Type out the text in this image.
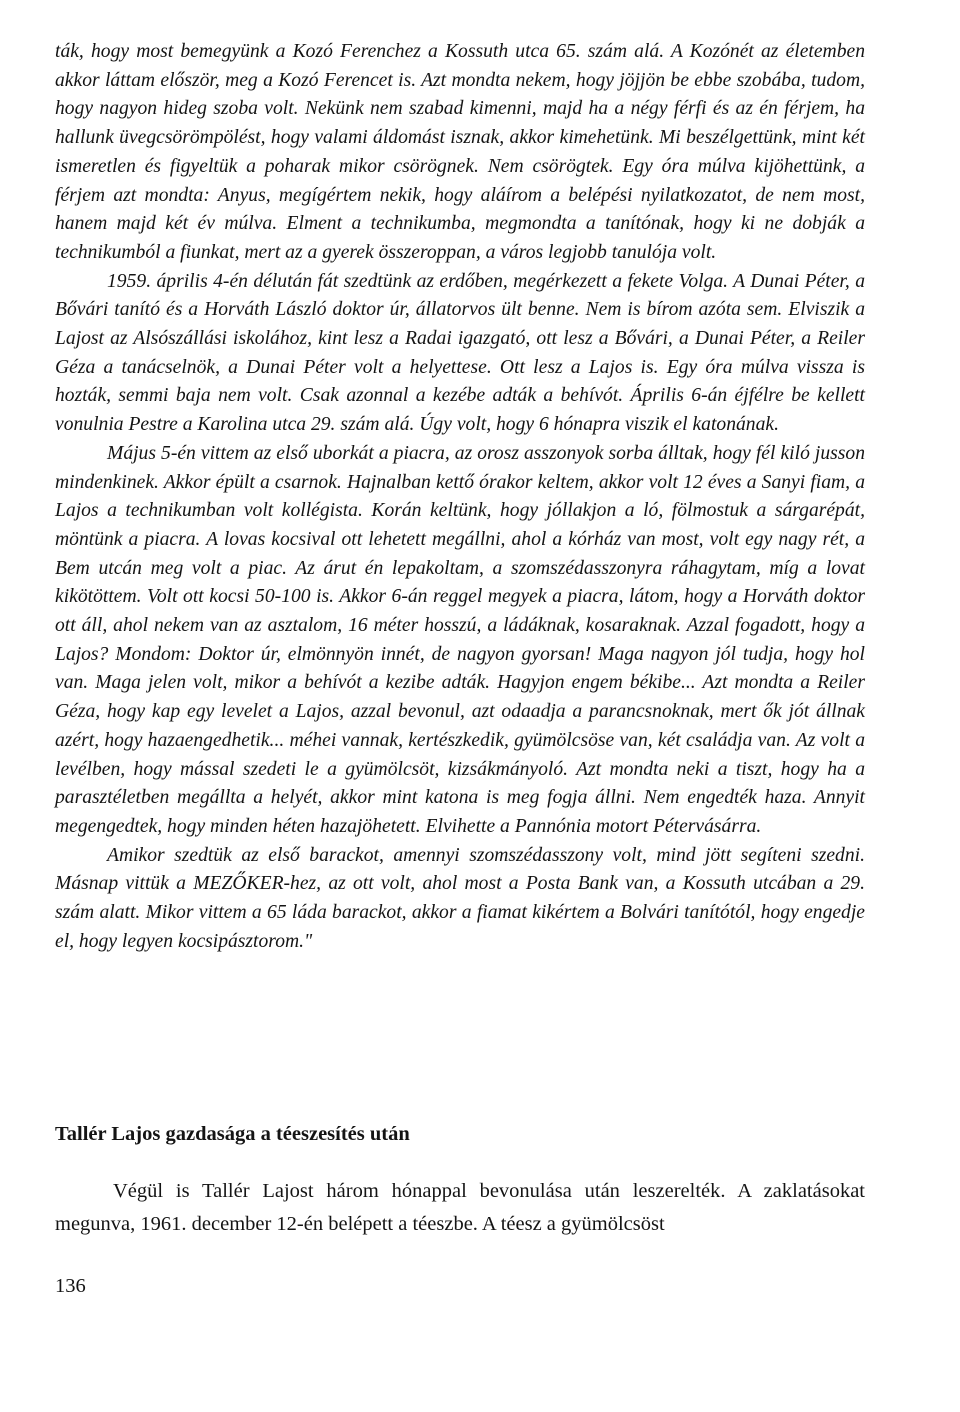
ták, hogy most bemegyünk a Kozó Ferenchez a Kossuth utca 65. szám alá. A Kozónét az életemben akkor láttam először, meg a Kozó Ferencet is. Azt mondta nekem, hogy jöjjön be ebbe szobába, tudom, hogy nagyon hideg szoba volt. Nekünk nem szabad kimenni, majd ha a négy férfi és az én férjem, ha hallunk üvegcsörömpölést, hogy valami áldomást isznak, akkor kimehetünk. Mi beszélgettünk, mint két ismeretlen és figyeltük a poharak mikor csörögnek. Nem csörögtek. Egy óra múlva kijöhettünk, a férjem azt mondta: Anyus, megígértem nekik, hogy aláírom a belépési nyilatkozatot, de nem most, hanem majd két év múlva. Elment a technikumba, megmondta a tanítónak, hogy ki ne dobják a technikumból a fiunkat, mert az a gyerek összeroppan, a város legjobb tanulója volt.

1959. április 4-én délután fát szedtünk az erdőben, megérkezett a fekete Volga. A Dunai Péter, a Bővári tanító és a Horváth László doktor úr, állatorvos ült benne. Nem is bírom azóta sem. Elviszik a Lajost az Alsószállási iskolához, kint lesz a Radai igazgató, ott lesz a Bővári, a Dunai Péter, a Reiler Géza a tanácselnök, a Dunai Péter volt a helyettese. Ott lesz a Lajos is. Egy óra múlva vissza is hozták, semmi baja nem volt. Csak azonnal a kezébe adták a behívót. Április 6-án éjfélre be kellett vonulnia Pestre a Karolina utca 29. szám alá. Úgy volt, hogy 6 hónapra viszik el katonának.

Május 5-én vittem az első uborkát a piacra, az orosz asszonyok sorba álltak, hogy fél kiló jusson mindenkinek. Akkor épült a csarnok. Hajnalban kettő órakor keltem, akkor volt 12 éves a Sanyi fiam, a Lajos a technikumban volt kollégista. Korán keltünk, hogy jóllakjon a ló, fölmostuk a sárgarépát, möntünk a piacra. A lovas kocsival ott lehetett megállni, ahol a kórház van most, volt egy nagy rét, a Bem utcán meg volt a piac. Az árut én lepakoltam, a szomszédasszonyra ráhagytam, míg a lovat kikötöttem. Volt ott kocsi 50-100 is. Akkor 6-án reggel megyek a piacra, látom, hogy a Horváth doktor ott áll, ahol nekem van az asztalom, 16 méter hosszú, a ládáknak, kosaraknak. Azzal fogadott, hogy a Lajos? Mondom: Doktor úr, elmönnyön innét, de nagyon gyorsan! Maga nagyon jól tudja, hogy hol van. Maga jelen volt, mikor a behívót a kezibe adták. Hagyjon engem békibe... Azt mondta a Reiler Géza, hogy kap egy levelet a Lajos, azzal bevonul, azt odaadja a parancsnoknak, mert ők jót állnak azért, hogy hazaengedhetik... méhei vannak, kertészkedik, gyümölcsöse van, két családja van. Az volt a levélben, hogy mással szedeti le a gyümölcsöt, kizsákmányoló. Azt mondta neki a tiszt, hogy ha a parasztéletben megállta a helyét, akkor mint katona is meg fogja állni. Nem engedték haza. Annyit megengedtek, hogy minden héten hazajöhetett. Elvihette a Pannónia motort Pétervásárra.

Amikor szedtük az első barackot, amennyi szomszédasszony volt, mind jött segíteni szedni. Másnap vittük a MEZŐKER-hez, az ott volt, ahol most a Posta Bank van, a Kossuth utcában a 29. szám alatt. Mikor vittem a 65 láda barackot, akkor a fiamat kikértem a Bolvári tanítótól, hogy engedje el, hogy legyen kocsipásztorom."

Tallér Lajos gazdasága a téeszesítés után

Végül is Tallér Lajost három hónappal bevonulása után leszerelték. A zaklatásokat megunva, 1961. december 12-én belépett a téeszbe. A téesz a gyümölcsöst

136
